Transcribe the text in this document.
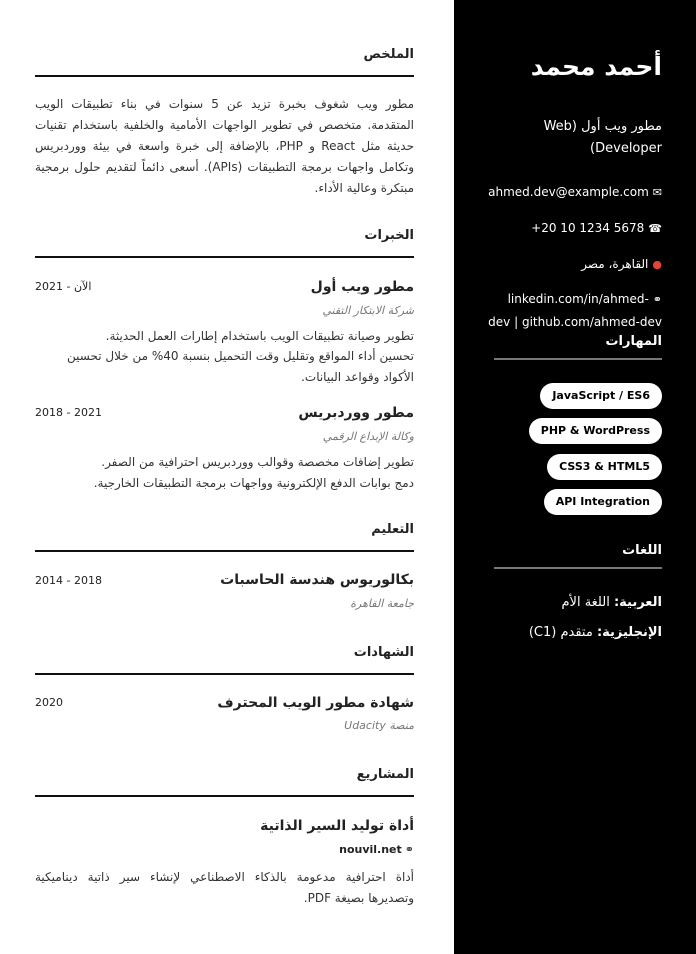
أحمد محمد
مطور ويب أول (Web Developer)
✉ahmed.dev@example.com
☎+20 10 1234 5678
●القاهرة، مصر
⚭linkedin.com/in/ahmed-dev | github.com/ahmed-dev
المهارات
JavaScript / ES6
PHP & WordPress
CSS3 & HTML5
API Integration
اللغات
العربية: اللغة الأم
الإنجليزية: متقدم (C1)
الملخص
مطور ويب شغوف بخبرة تزيد عن 5 سنوات في بناء تطبيقات الويب المتقدمة. متخصص في تطوير الواجهات الأمامية والخلفية باستخدام تقنيات حديثة مثل React و PHP، بالإضافة إلى خبرة واسعة في بيئة ووردبريس وتكامل واجهات برمجة التطبيقات (APIs). أسعى دائماً لتقديم حلول برمجية مبتكرة وعالية الأداء.
الخبرات
مطور ويب أول
2021 - الآن
شركة الابتكار التقني
تطوير وصيانة تطبيقات الويب باستخدام إطارات العمل الحديثة.
تحسين أداء المواقع وتقليل وقت التحميل بنسبة 40% من خلال تحسين الأكواد وقواعد البيانات.
مطور ووردبريس
2018 - 2021
وكالة الإبداع الرقمي
تطوير إضافات مخصصة وقوالب ووردبريس احترافية من الصفر.
دمج بوابات الدفع الإلكترونية وواجهات برمجة التطبيقات الخارجية.
التعليم
بكالوريوس هندسة الحاسبات
2014 - 2018
جامعة القاهرة
الشهادات
شهادة مطور الويب المحترف
2020
منصة Udacity
المشاريع
أداة توليد السير الذاتية
⚭nouvil.net
أداة احترافية مدعومة بالذكاء الاصطناعي لإنشاء سير ذاتية ديناميكية وتصديرها بصيغة PDF.
